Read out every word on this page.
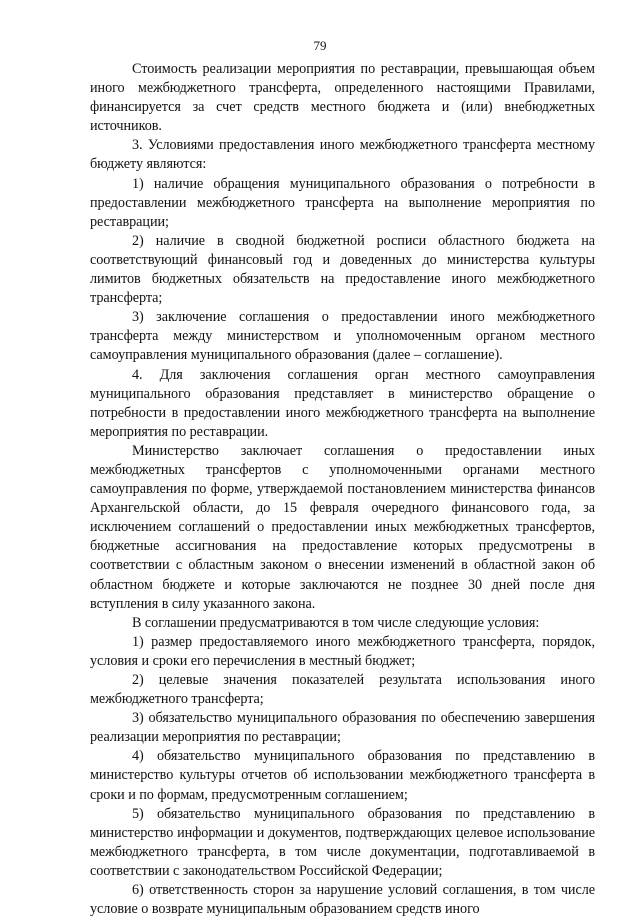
79

Стоимость реализации мероприятия по реставрации, превышающая объем иного межбюджетного трансферта, определенного настоящими Правилами, финансируется за счет средств местного бюджета и (или) внебюджетных источников.

3. Условиями предоставления иного межбюджетного трансферта местному бюджету являются:

1) наличие обращения муниципального образования о потребности в предоставлении межбюджетного трансферта на выполнение мероприятия по реставрации;

2) наличие в сводной бюджетной росписи областного бюджета на соответствующий финансовый год и доведенных до министерства культуры лимитов бюджетных обязательств на предоставление иного межбюджетного трансферта;

3) заключение соглашения о предоставлении иного межбюджетного трансферта между министерством и уполномоченным органом местного самоуправления муниципального образования (далее – соглашение).

4. Для заключения соглашения орган местного самоуправления муниципального образования представляет в министерство обращение о потребности в предоставлении иного межбюджетного трансферта на выполнение мероприятия по реставрации.

Министерство заключает соглашения о предоставлении иных межбюджетных трансфертов с уполномоченными органами местного самоуправления по форме, утверждаемой постановлением министерства финансов Архангельской области, до 15 февраля очередного финансового года, за исключением соглашений о предоставлении иных межбюджетных трансфертов, бюджетные ассигнования на предоставление которых предусмотрены в соответствии с областным законом о внесении изменений в областной закон об областном бюджете и которые заключаются не позднее 30 дней после дня вступления в силу указанного закона.

В соглашении предусматриваются в том числе следующие условия:

1) размер предоставляемого иного межбюджетного трансферта, порядок, условия и сроки его перечисления в местный бюджет;

2) целевые значения показателей результата использования иного межбюджетного трансферта;

3) обязательство муниципального образования по обеспечению завершения реализации мероприятия по реставрации;

4) обязательство муниципального образования по представлению в министерство культуры отчетов об использовании межбюджетного трансферта в сроки и по формам, предусмотренным соглашением;

5) обязательство муниципального образования по представлению в министерство информации и документов, подтверждающих целевое использование межбюджетного трансферта, в том числе документации, подготавливаемой в соответствии с законодательством Российской Федерации;

6) ответственность сторон за нарушение условий соглашения, в том числе условие о возврате муниципальным образованием средств иного
